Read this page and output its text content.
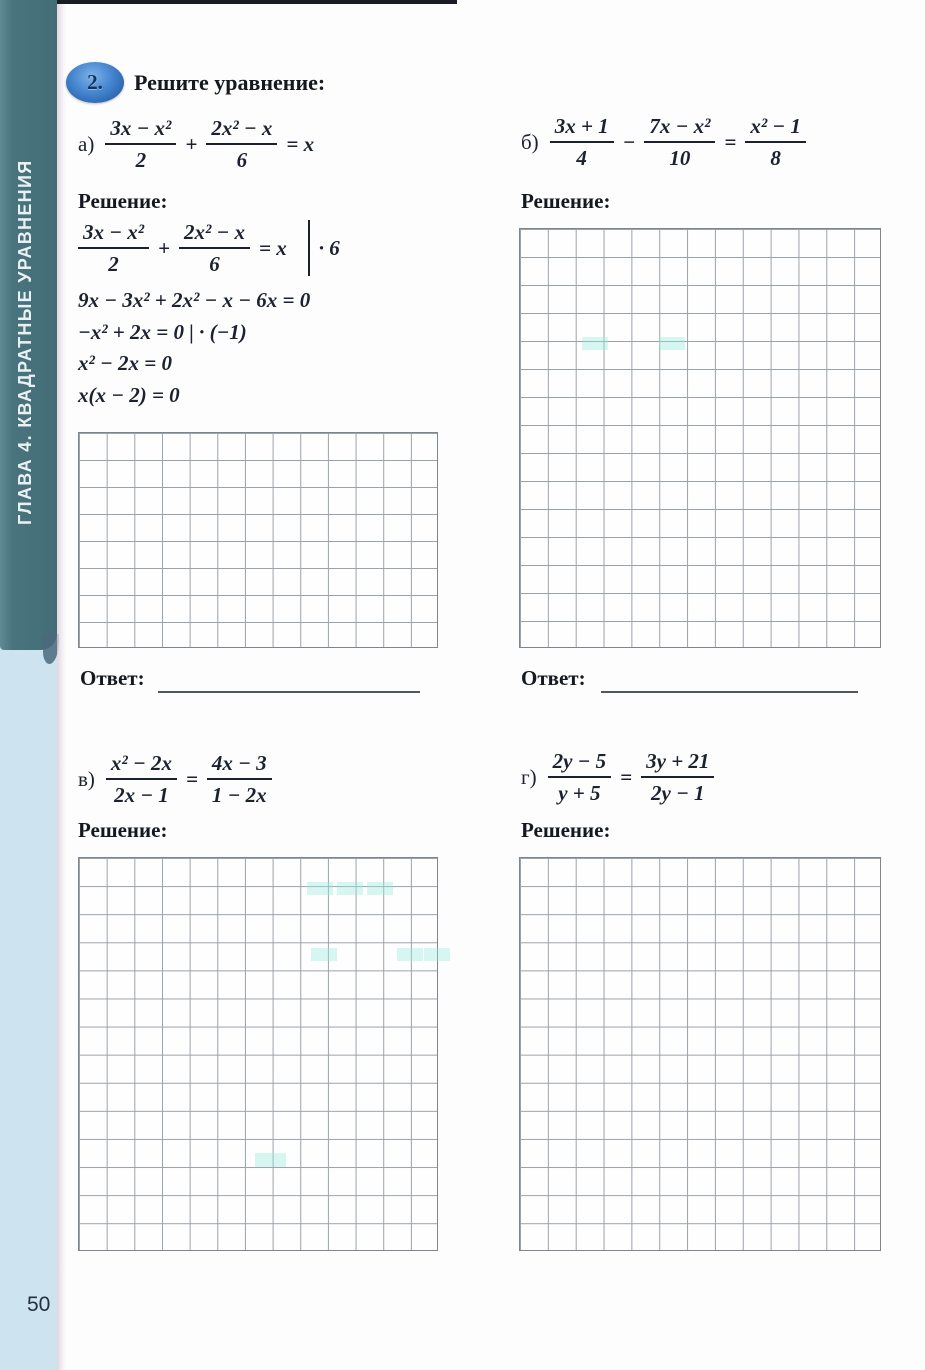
ГЛАВА 4. КВАДРАТНЫЕ УРАВНЕНИЯ
50
2. Решите уравнение:
$а) \frac{\text{3x − x²}}{2} + \frac{\text{2x² − x}}{6} = x$	$б) \frac{3x + 1}{4} - \frac{\text{7x − x²}}{10} = \frac{\text{x² − 1}}{8}$
Решение:	Решение:
$\frac{\text{3x − x²}}{2} + \frac{\text{2x² − x}}{6} = x \cdot 6$
9x − 3x² + 2x² − x − 6x = 0
−x² + 2x = 0 | · (−1)
x² − 2x = 0
x(x − 2) = 0
Ответ:	Ответ:
$в) \frac{\text{x² − 2x}}{2x - 1} = \frac{4x - 3}{1 - 2x}$	$г) \frac{2y - 5}{y + 5} = \frac{3y + 21}{2y - 1}$
Решение:	Решение:
